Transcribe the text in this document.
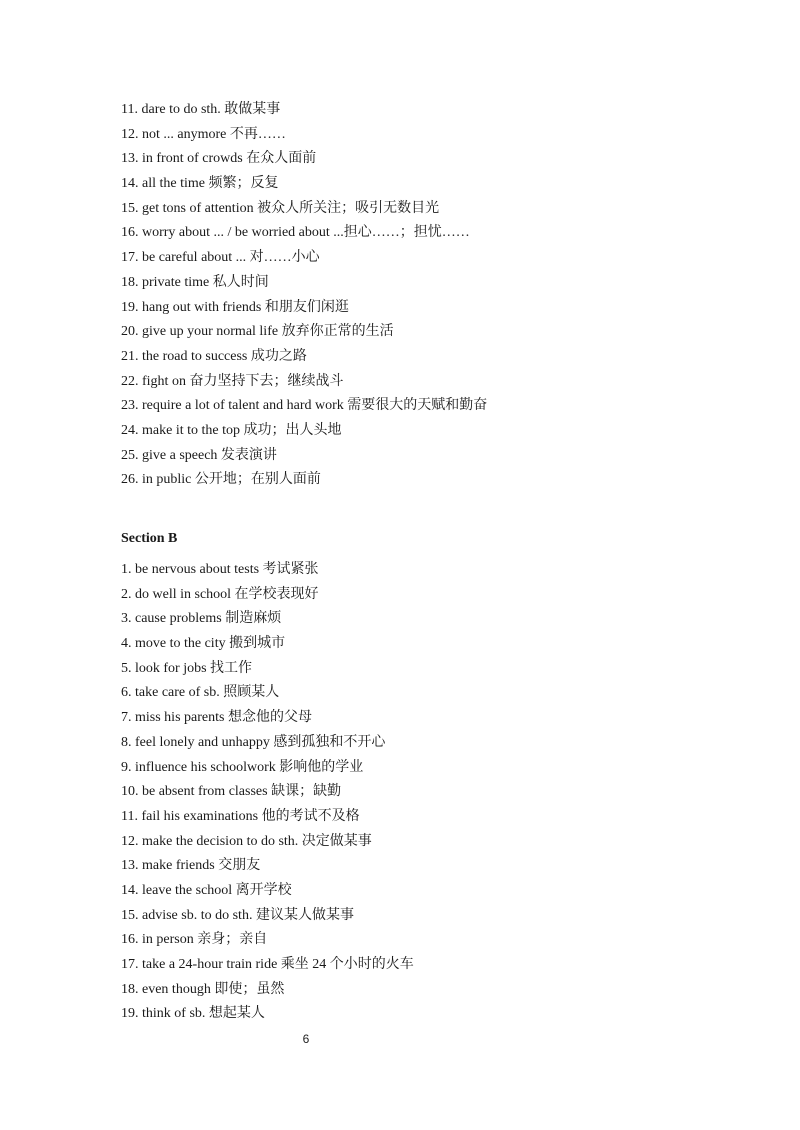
11. dare to do sth. 敢做某事
12. not ... anymore 不再……
13. in front of crowds 在众人面前
14. all the time 频繁；反复
15. get tons of attention 被众人所关注；吸引无数目光
16. worry about ... / be worried about ...担心……；担忧……
17. be careful about ... 对……小心
18. private time 私人时间
19. hang out with friends 和朋友们闲逛
20. give up your normal life 放弃你正常的生活
21. the road to success 成功之路
22. fight on 奋力坚持下去；继续战斗
23. require a lot of talent and hard work 需要很大的天赋和勤奋
24. make it to the top 成功；出人头地
25. give a speech 发表演讲
26. in public 公开地；在别人面前
Section B
1. be nervous about tests 考试紧张
2. do well in school 在学校表现好
3. cause problems 制造麻烦
4. move to the city 搬到城市
5. look for jobs 找工作
6. take care of sb. 照顾某人
7. miss his parents 想念他的父母
8. feel lonely and unhappy 感到孤独和不开心
9. influence his schoolwork 影响他的学业
10. be absent from classes 缺课；缺勤
11. fail his examinations 他的考试不及格
12. make the decision to do sth. 决定做某事
13. make friends 交朋友
14. leave the school 离开学校
15. advise sb. to do sth. 建议某人做某事
16. in person 亲身；亲自
17. take a 24-hour train ride 乘坐 24 个小时的火车
18. even though 即使；虽然
19. think of sb. 想起某人
6
